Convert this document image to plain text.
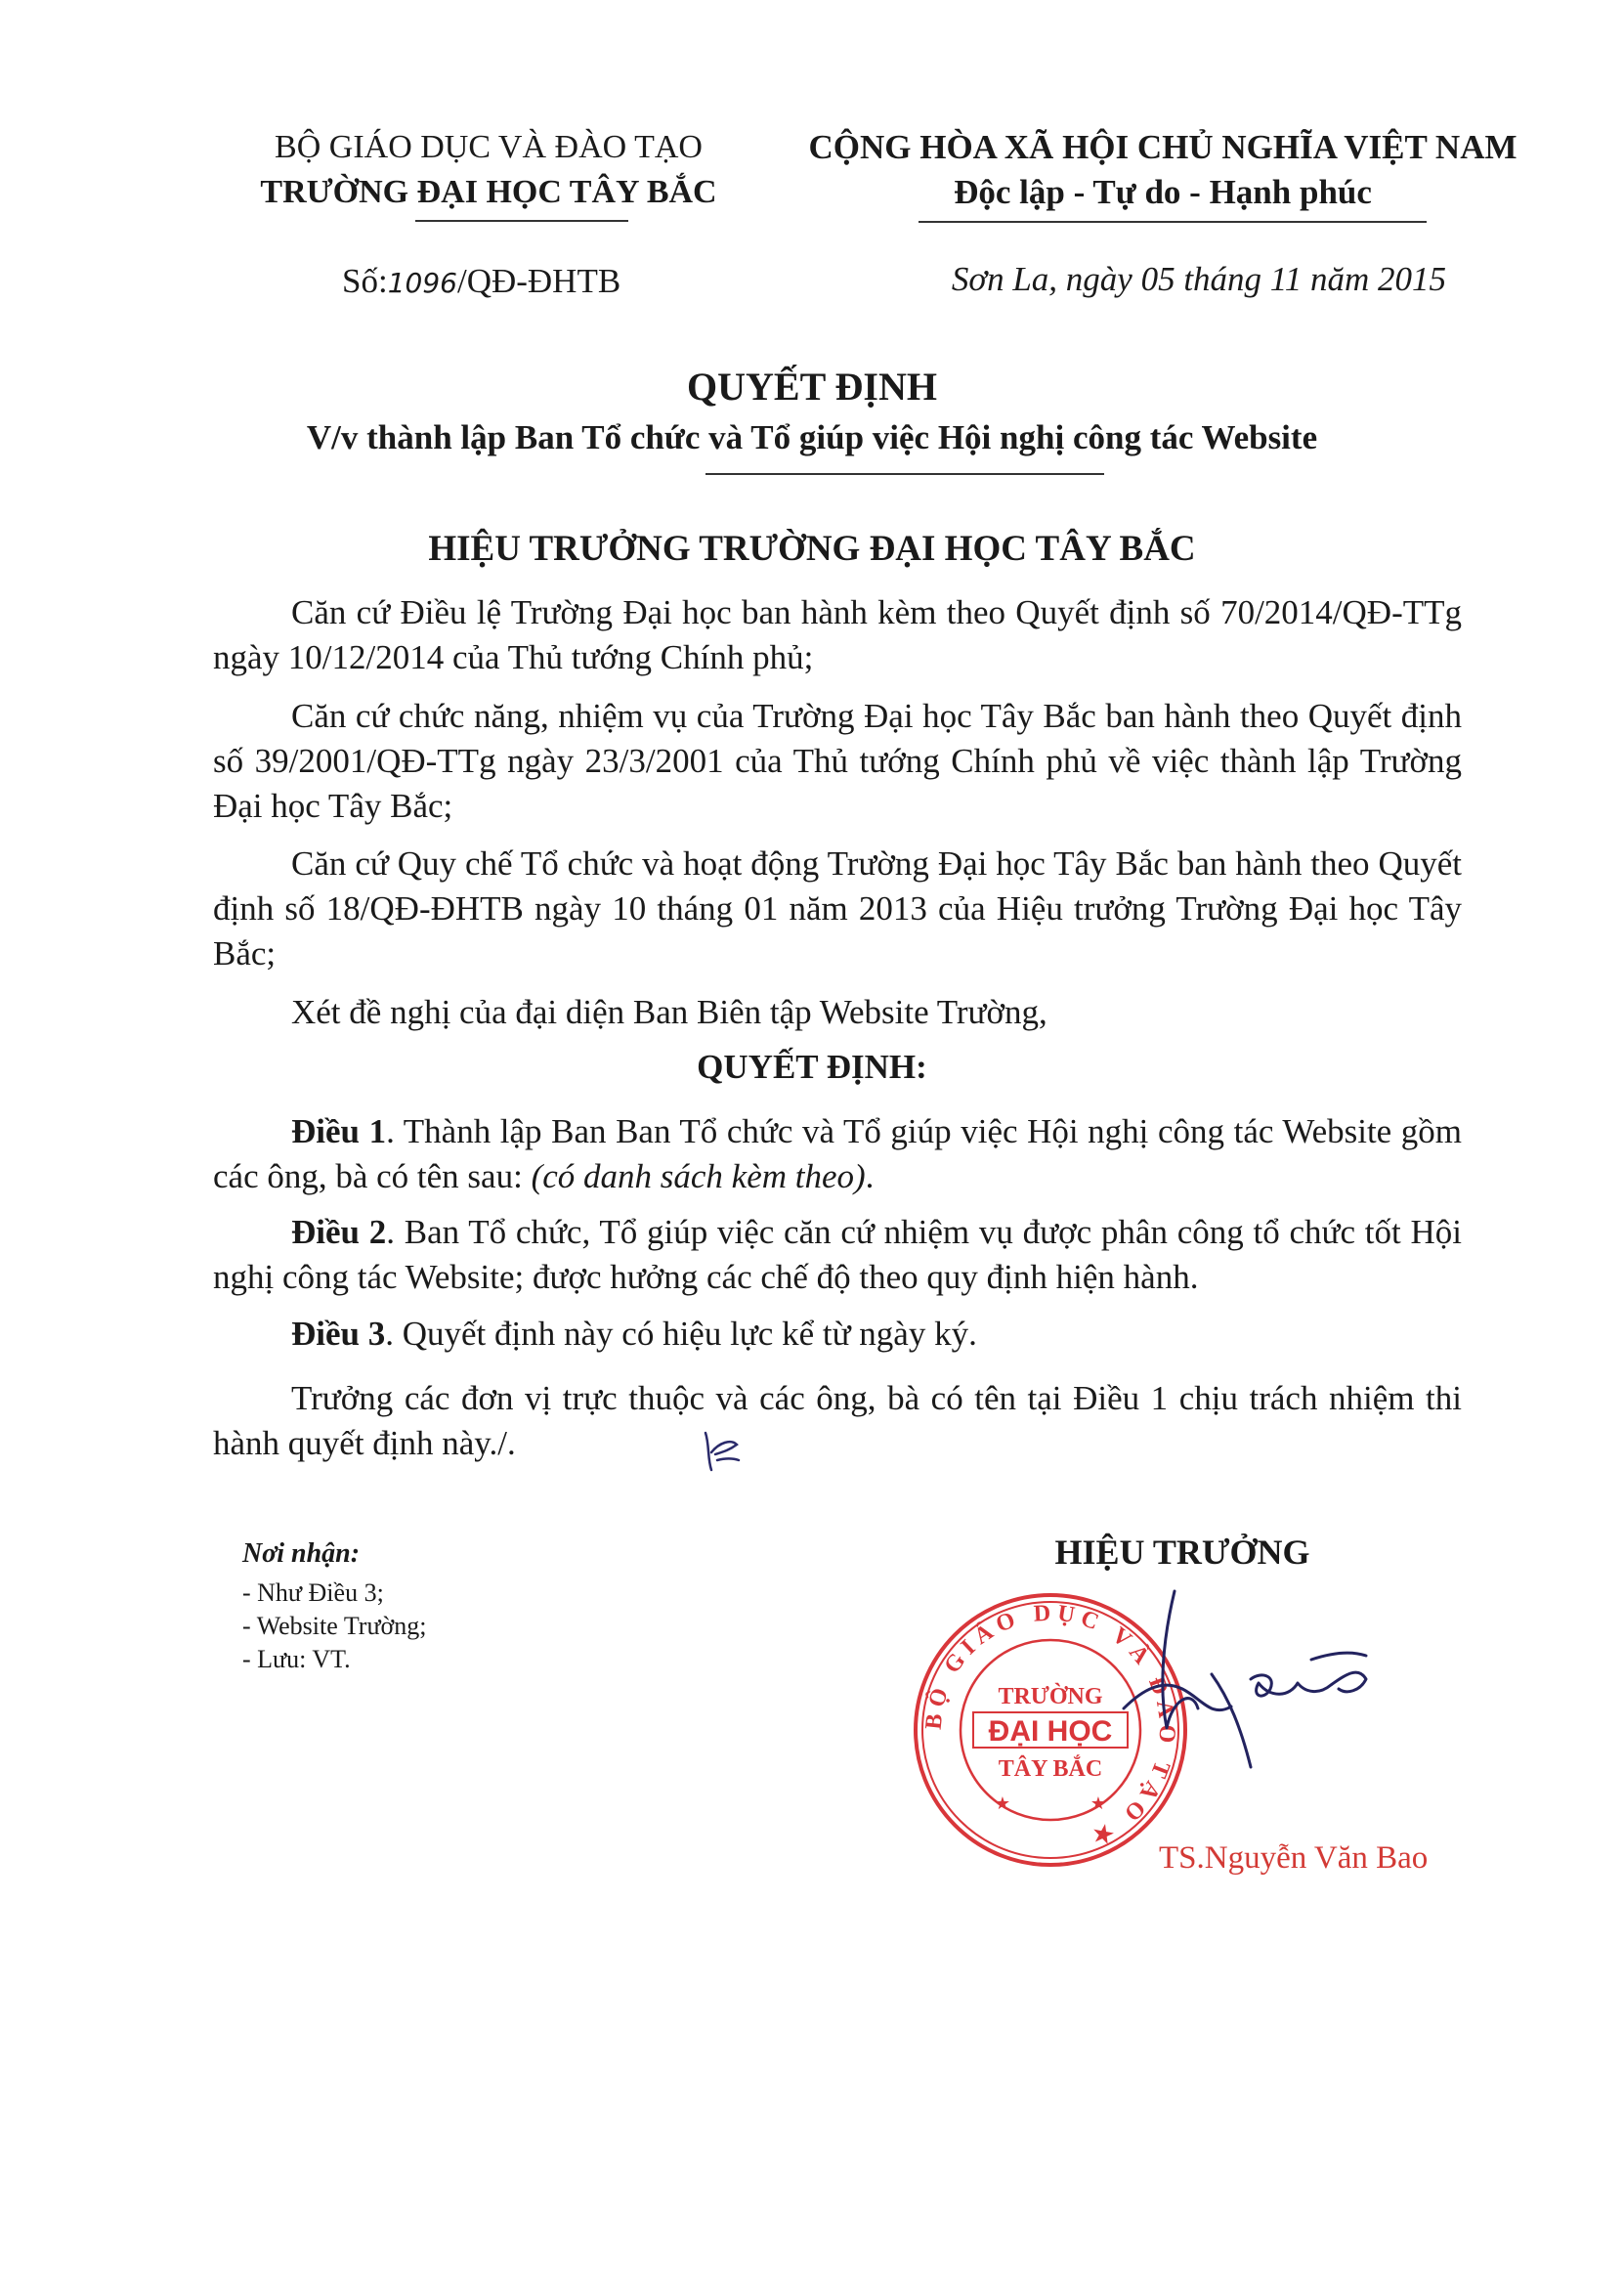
BỘ GIÁO DỤC VÀ ĐÀO TẠO
TRƯỜNG ĐẠI HỌC TÂY BẮC
CỘNG HÒA XÃ HỘI CHỦ NGHĨA VIỆT NAM
Độc lập - Tự do - Hạnh phúc
Số:1096/QĐ-ĐHTB	Sơn La, ngày 05 tháng 11 năm 2015
QUYẾT ĐỊNH
V/v thành lập Ban Tổ chức và Tổ giúp việc Hội nghị công tác Website
HIỆU TRƯỞNG TRƯỜNG ĐẠI HỌC TÂY BẮC
Căn cứ Điều lệ Trường Đại học ban hành kèm theo Quyết định số 70/2014/QĐ-TTg ngày 10/12/2014 của Thủ tướng Chính phủ;
Căn cứ chức năng, nhiệm vụ của Trường Đại học Tây Bắc ban hành theo Quyết định số 39/2001/QĐ-TTg ngày 23/3/2001 của Thủ tướng Chính phủ về việc thành lập Trường Đại học Tây Bắc;
Căn cứ Quy chế Tổ chức và hoạt động Trường Đại học Tây Bắc ban hành theo Quyết định số 18/QĐ-ĐHTB ngày 10 tháng 01 năm 2013 của Hiệu trưởng Trường Đại học Tây Bắc;
Xét đề nghị của đại diện Ban Biên tập Website Trường,
QUYẾT ĐỊNH:
Điều 1. Thành lập Ban Ban Tổ chức và Tổ giúp việc Hội nghị công tác Website gồm các ông, bà có tên sau: (có danh sách kèm theo).
Điều 2. Ban Tổ chức, Tổ giúp việc căn cứ nhiệm vụ được phân công tổ chức tốt Hội nghị công tác Website; được hưởng các chế độ theo quy định hiện hành.
Điều 3. Quyết định này có hiệu lực kể từ ngày ký.
Trưởng các đơn vị trực thuộc và các ông, bà có tên tại Điều 1 chịu trách nhiệm thi hành quyết định này./.
Nơi nhận:
- Như Điều 3;
- Website Trường;
- Lưu: VT.
HIỆU TRƯỞNG
BỘ GIÁO DỤC VÀ ĐÀO TẠO ★
TRƯỜNG
ĐẠI HỌC
TÂY BẮC
★	★
TS.Nguyễn Văn Bao
